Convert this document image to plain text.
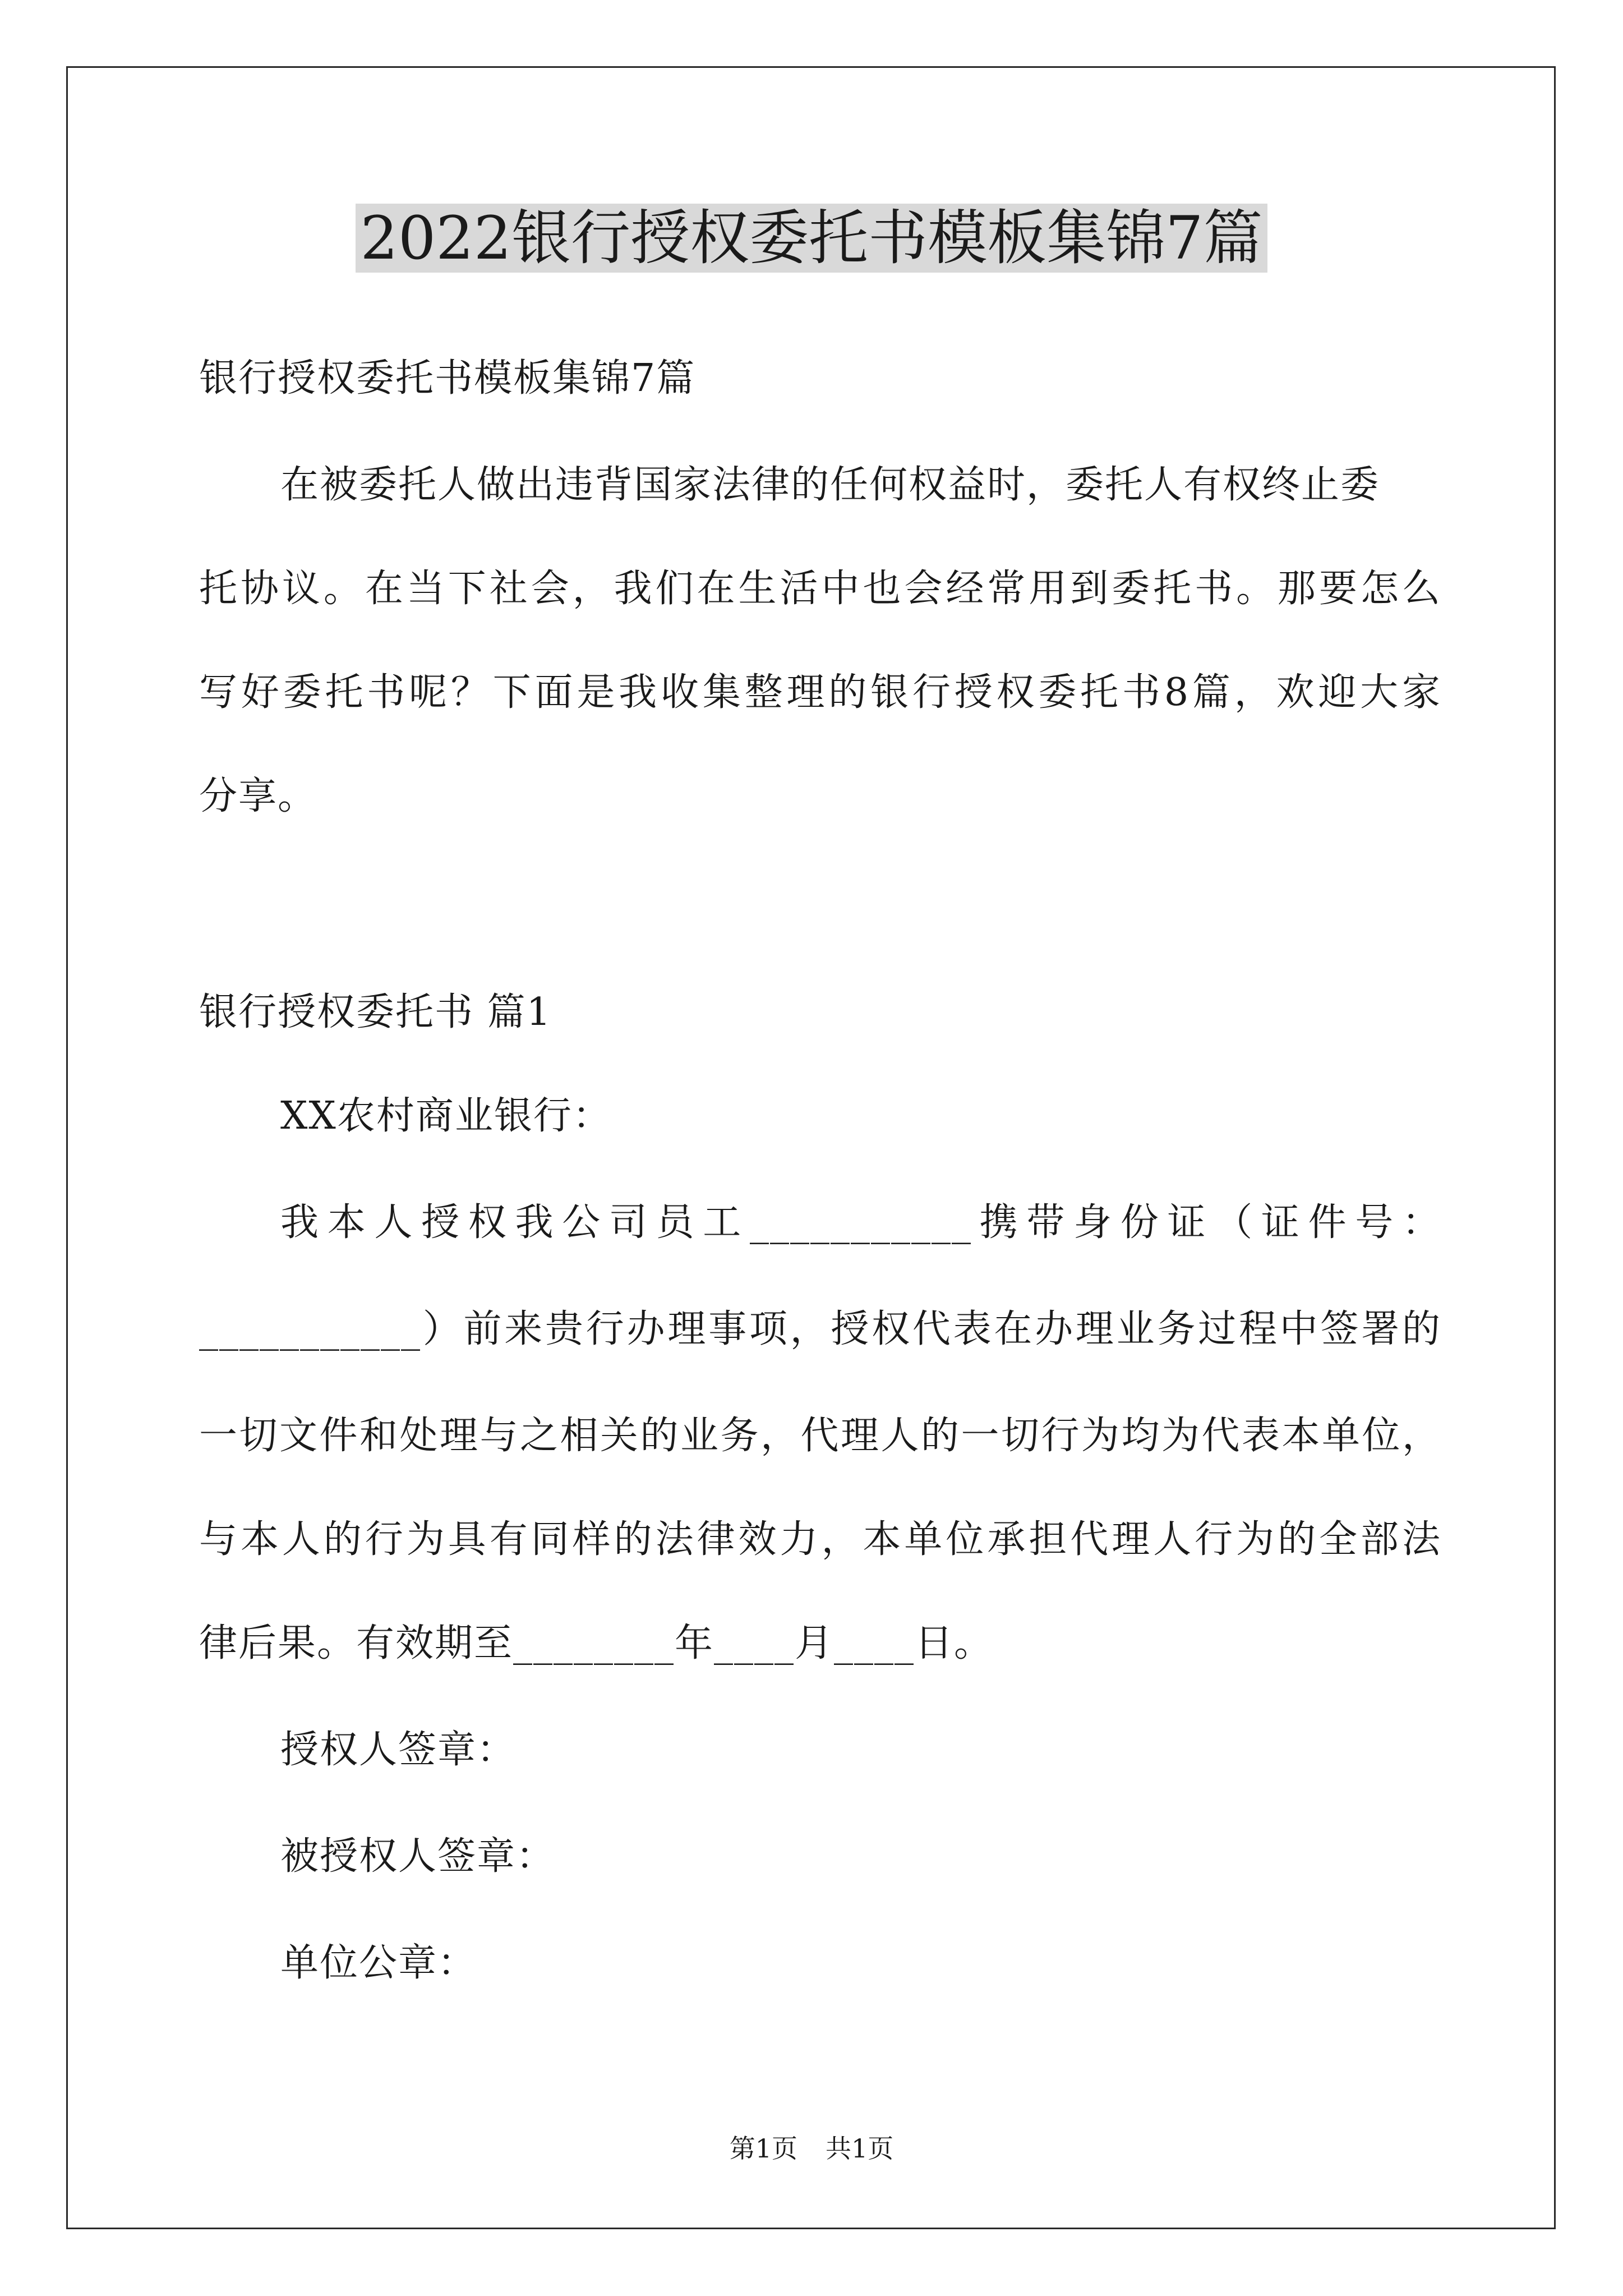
2022银行授权委托书模板集锦7篇
银行授权委托书模板集锦7篇
在被委托人做出违背国家法律的任何权益时，委托人有权终止委
托协议。在当下社会，我们在生活中也会经常用到委托书。那要怎么
写好委托书呢？下面是我收集整理的银行授权委托书8篇，欢迎大家
分享。
银行授权委托书 篇1
XX农村商业银行：
我本人授权我公司员工___________携带身份证（证件号：
___________）前来贵行办理事项，授权代表在办理业务过程中签署的
一切文件和处理与之相关的业务，代理人的一切行为均为代表本单位，
与本人的行为具有同样的法律效力，本单位承担代理人行为的全部法
律后果。有效期至________年____月____日。
授权人签章：
被授权人签章：
单位公章：
第1页 共1页
